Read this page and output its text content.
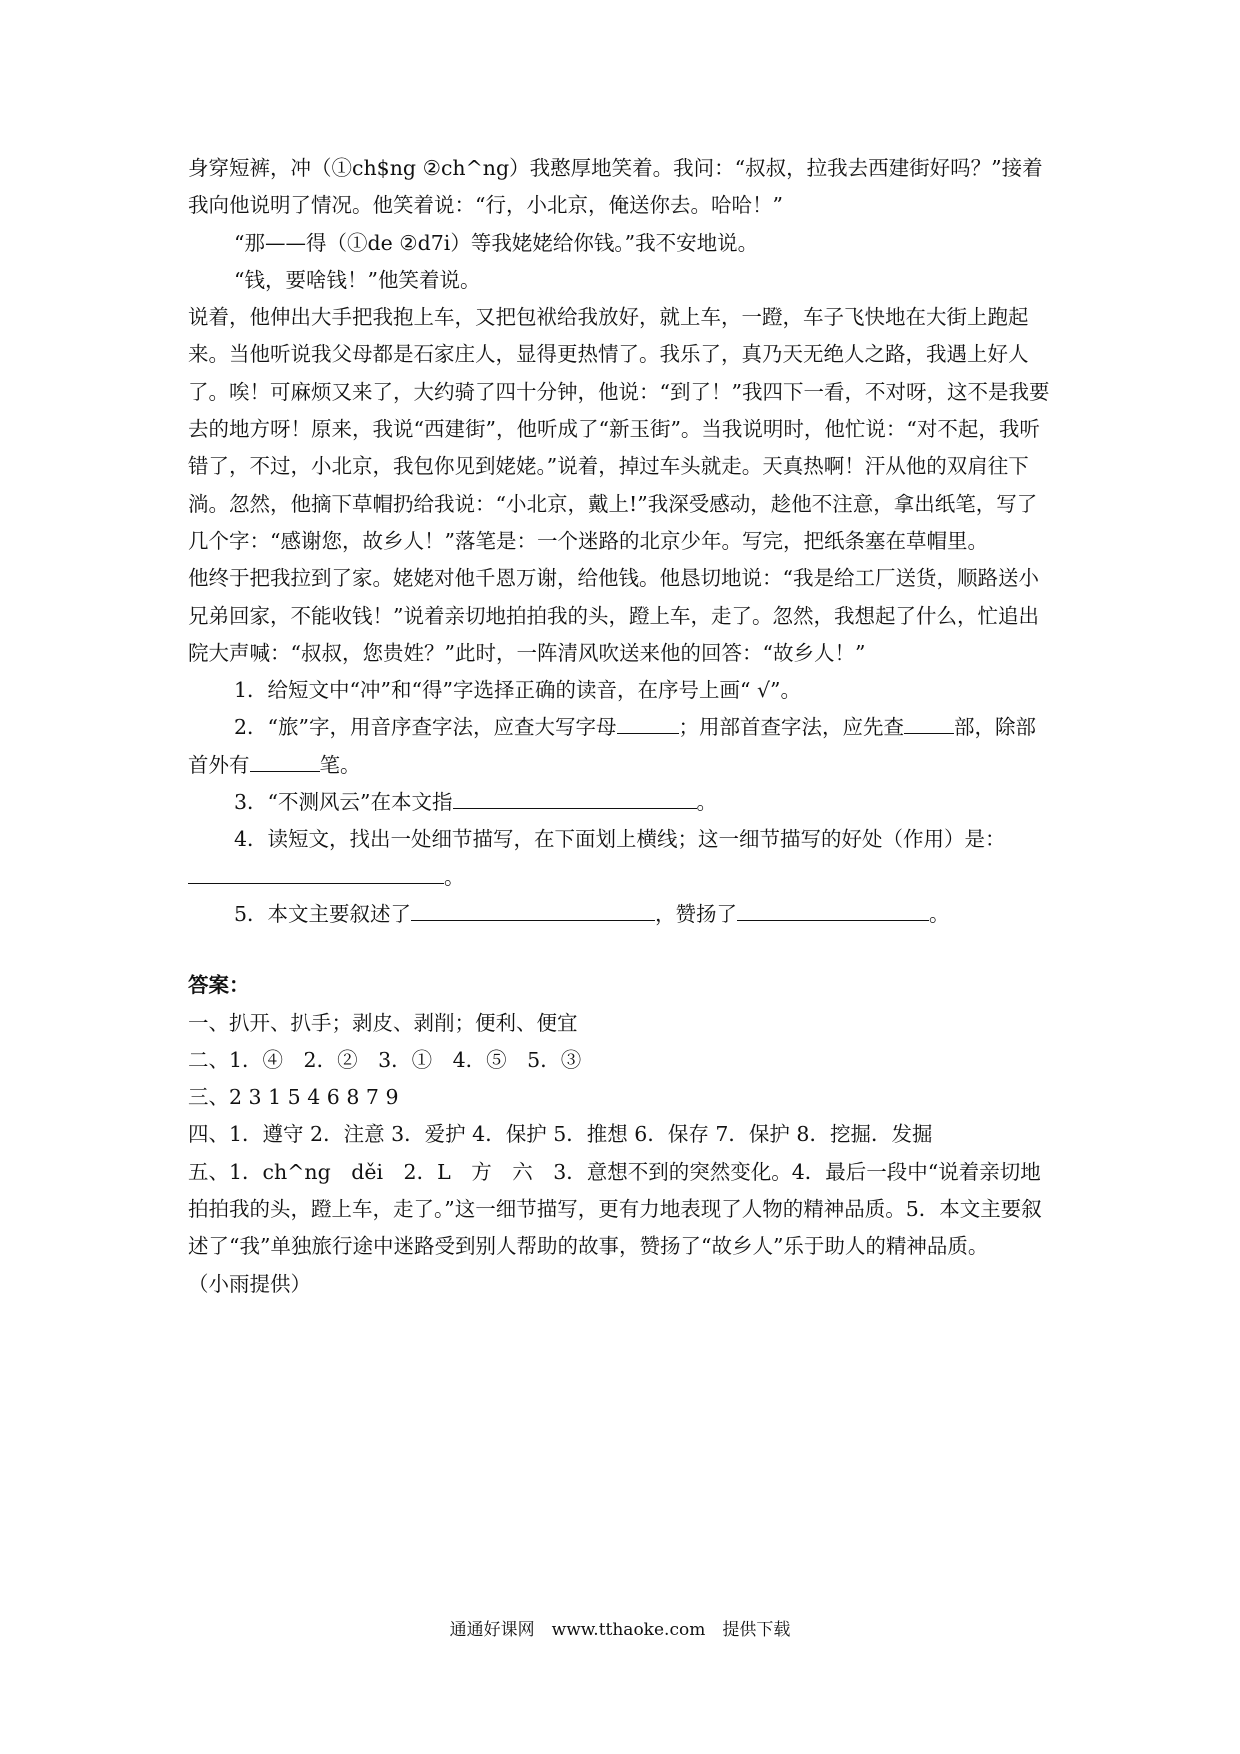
身穿短裤，冲（①ch$ng ②ch^ng）我憨厚地笑着。我问：“叔叔，拉我去西建街好吗？”接着我向他说明了情况。他笑着说：“行，小北京，俺送你去。哈哈！”

“那——得（①de ②d7i）等我姥姥给你钱。”我不安地说。

“钱，要啥钱！”他笑着说。

说着，他伸出大手把我抱上车，又把包袱给我放好，就上车，一蹬，车子飞快地在大街上跑起来。当他听说我父母都是石家庄人，显得更热情了。我乐了，真乃天无绝人之路，我遇上好人了。唉！可麻烦又来了，大约骑了四十分钟，他说：“到了！”我四下一看，不对呀，这不是我要去的地方呀！原来，我说“西建街”，他听成了“新玉街”。当我说明时，他忙说：“对不起，我听错了，不过，小北京，我包你见到姥姥。”说着，掉过车头就走。天真热啊！汗从他的双肩往下淌。忽然，他摘下草帽扔给我说：“小北京，戴上!”我深受感动，趁他不注意，拿出纸笔，写了几个字：“感谢您，故乡人！”落笔是：一个迷路的北京少年。写完，把纸条塞在草帽里。

他终于把我拉到了家。姥姥对他千恩万谢，给他钱。他恳切地说：“我是给工厂送货，顺路送小兄弟回家，不能收钱！”说着亲切地拍拍我的头，蹬上车，走了。忽然，我想起了什么，忙追出院大声喊：“叔叔，您贵姓？”此时，一阵清风吹送来他的回答：“故乡人！”

1．给短文中“冲”和“得”字选择正确的读音，在序号上画“ √”。

2．“旅”字，用音序查字法，应查大写字母	；用部首查字法，应先查 部，除部首外有	笔。

3．“不测风云”在本文指	。

4．读短文，找出一处细节描写，在下面划上横线；这一细节描写的好处（作用）是：。

5．本文主要叙述了	，赞扬了	。

答案：

一、扒开、扒手；剥皮、剥削；便利、便宜

二、1．④　2．②　3．①　4．⑤　5．③

三、2 3 1 5 4 6 8 7 9

四、1．遵守 2．注意 3．爱护 4．保护 5．推想 6．保存 7．保护 8．挖掘．发掘

五、1．ch^ng　děi　2．L　方　六　3．意想不到的突然变化。4．最后一段中“说着亲切地拍拍我的头，蹬上车，走了。”这一细节描写，更有力地表现了人物的精神品质。5．本文主要叙述了“我”单独旅行途中迷路受到别人帮助的故事，赞扬了“故乡人”乐于助人的精神品质。

（小雨提供）

通通好课网　www.tthaoke.com　提供下载
